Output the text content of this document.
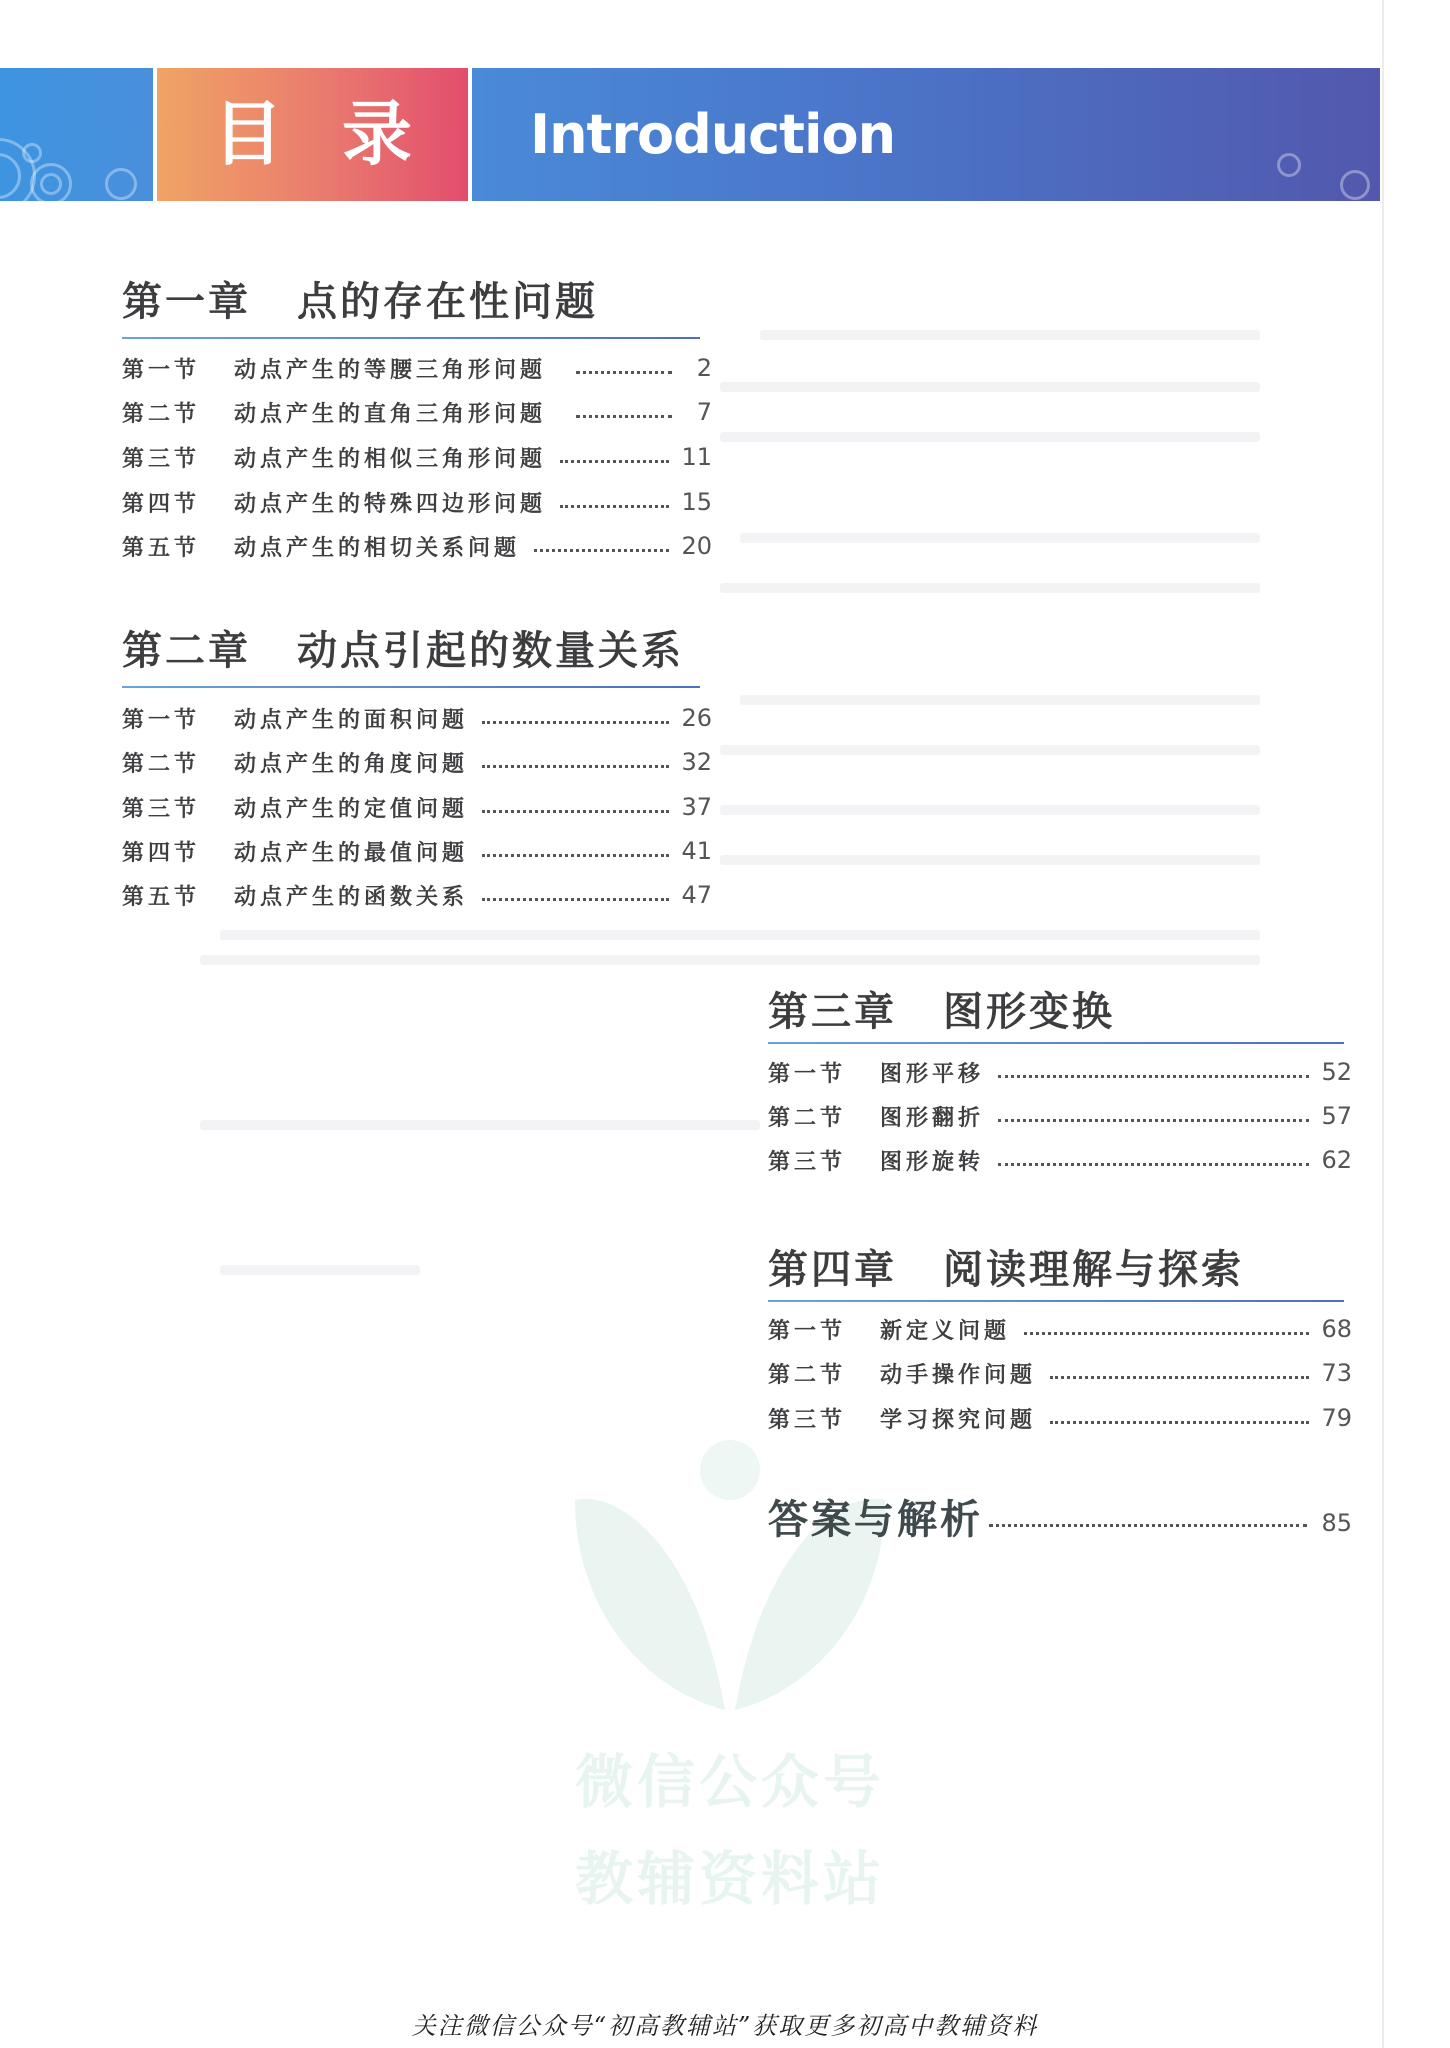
目 录 Introduction
第一章 点的存在性问题
第一节	动点产生的等腰三角形问题	2
第二节	动点产生的直角三角形问题	7
第三节	动点产生的相似三角形问题	11
第四节	动点产生的特殊四边形问题	15
第五节	动点产生的相切关系问题	20
第二章 动点引起的数量关系
第一节	动点产生的面积问题	26
第二节	动点产生的角度问题	32
第三节	动点产生的定值问题	37
第四节	动点产生的最值问题	41
第五节	动点产生的函数关系	47
第三章 图形变换
第一节	图形平移	52
第二节	图形翻折	57
第三节	图形旋转	62
第四章 阅读理解与探索
第一节	新定义问题	68
第二节	动手操作问题	73
第三节	学习探究问题	79
答案与解析	85
微信公众号
教辅资料站
关注微信公众号“初高教辅站”获取更多初高中教辅资料
